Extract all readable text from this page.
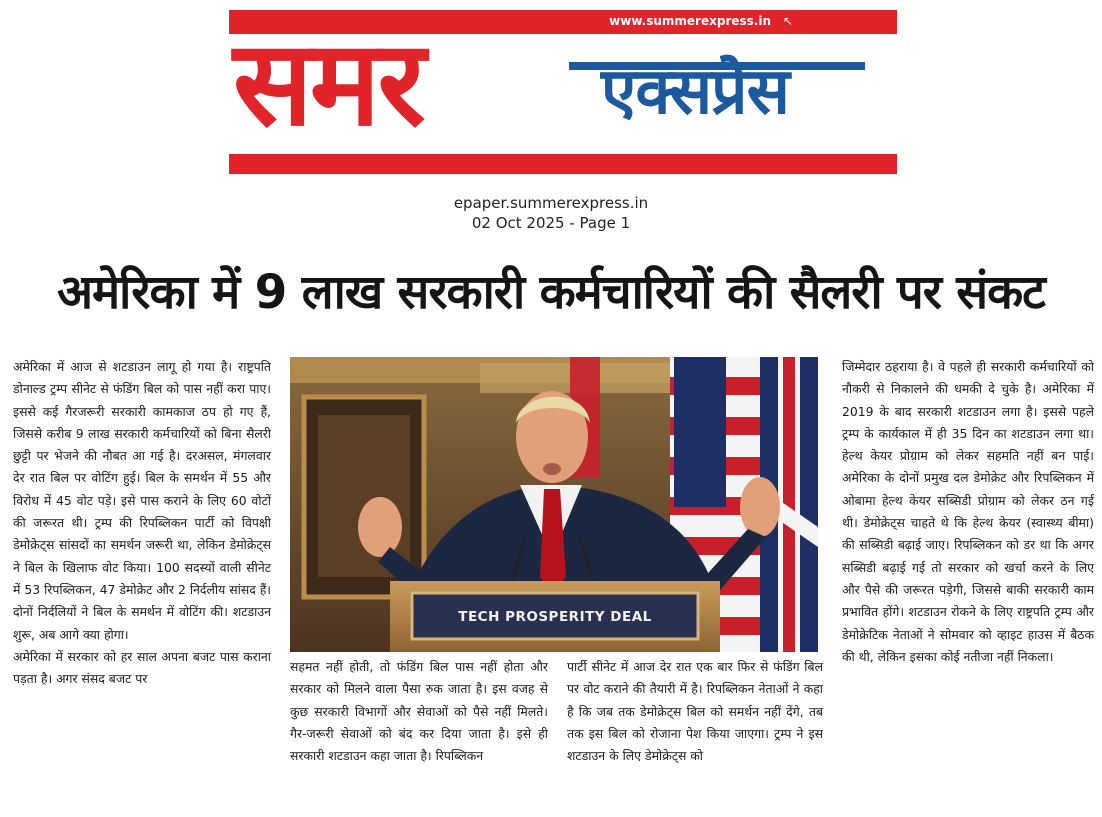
www.summerexpress.in ↖
समर	एक्सप्रेस
epaper.summerexpress.in
02 Oct 2025 - Page 1
अमेरिका में 9 लाख सरकारी कर्मचारियों की सैलरी पर संकट

अमेरिका में आज से शटडाउन लागू हो गया है। राष्ट्रपति डोनाल्ड ट्रम्प सीनेट से फंडिंग बिल को पास नहीं करा पाए। इससे कई गैरजरूरी सरकारी कामकाज ठप हो गए हैं, जिससे करीब 9 लाख सरकारी कर्मचारियों को बिना सैलरी छुट्टी पर भेजने की नौबत आ गई है। दरअसल, मंगलवार देर रात बिल पर वोटिंग हुई। बिल के समर्थन में 55 और विरोध में 45 वोट पड़े। इसे पास कराने के लिए 60 वोटों की जरूरत थी। ट्रम्प की रिपब्लिकन पार्टी को विपक्षी डेमोक्रेट्स सांसदों का समर्थन जरूरी था, लेकिन डेमोक्रेट्स ने बिल के खिलाफ वोट किया। 100 सदस्यों वाली सीनेट में 53 रिपब्लिकन, 47 डेमोक्रेट और 2 निर्दलीय सांसद हैं। दोनों निर्दलियों ने बिल के समर्थन में वोटिंग की। शटडाउन शुरू, अब आगे क्या होगा।

अमेरिका में सरकार को हर साल अपना बजट पास कराना पड़ता है। अगर संसद बजट पर

TECH PROSPERITY DEAL

सहमत नहीं होती, तो फंडिंग बिल पास नहीं होता और सरकार को मिलने वाला पैसा रुक जाता है। इस वजह से कुछ सरकारी विभागों और सेवाओं को पैसे नहीं मिलते। गैर-जरूरी सेवाओं को बंद कर दिया जाता है। इसे ही सरकारी शटडाउन कहा जाता है। रिपब्लिकन

पार्टी सीनेट में आज देर रात एक बार फिर से फंडिंग बिल पर वोट कराने की तैयारी में है। रिपब्लिकन नेताओं ने कहा है कि जब तक डेमोक्रेट्स बिल को समर्थन नहीं देंगे, तब तक इस बिल को रोजाना पेश किया जाएगा। ट्रम्प ने इस शटडाउन के लिए डेमोक्रेट्स को

जिम्मेदार ठहराया है। वे पहले ही सरकारी कर्मचारियों को नौकरी से निकालने की धमकी दे चुके है। अमेरिका में 2019 के बाद सरकारी शटडाउन लगा है। इससे पहले ट्रम्प के कार्यकाल में ही 35 दिन का शटडाउन लगा था। हेल्थ केयर प्रोग्राम को लेकर सहमति नहीं बन पाई। अमेरिका के दोनों प्रमुख दल डेमोक्रेट और रिपब्लिकन में ओबामा हेल्थ केयर सब्सिडी प्रोग्राम को लेकर ठन गई थी। डेमोक्रेट्स चाहते थे कि हेल्थ केयर (स्वास्थ्य बीमा) की सब्सिडी बढ़ाई जाए। रिपब्लिकन को डर था कि अगर सब्सिडी बढ़ाई गई तो सरकार को खर्चा करने के लिए और पैसे की जरूरत पड़ेगी, जिससे बाकी सरकारी काम प्रभावित होंगे। शटडाउन रोकने के लिए राष्ट्रपति ट्रम्प और डेमोक्रेटिक नेताओं ने सोमवार को व्हाइट हाउस में बैठक की थी, लेकिन इसका कोई नतीजा नहीं निकला।
